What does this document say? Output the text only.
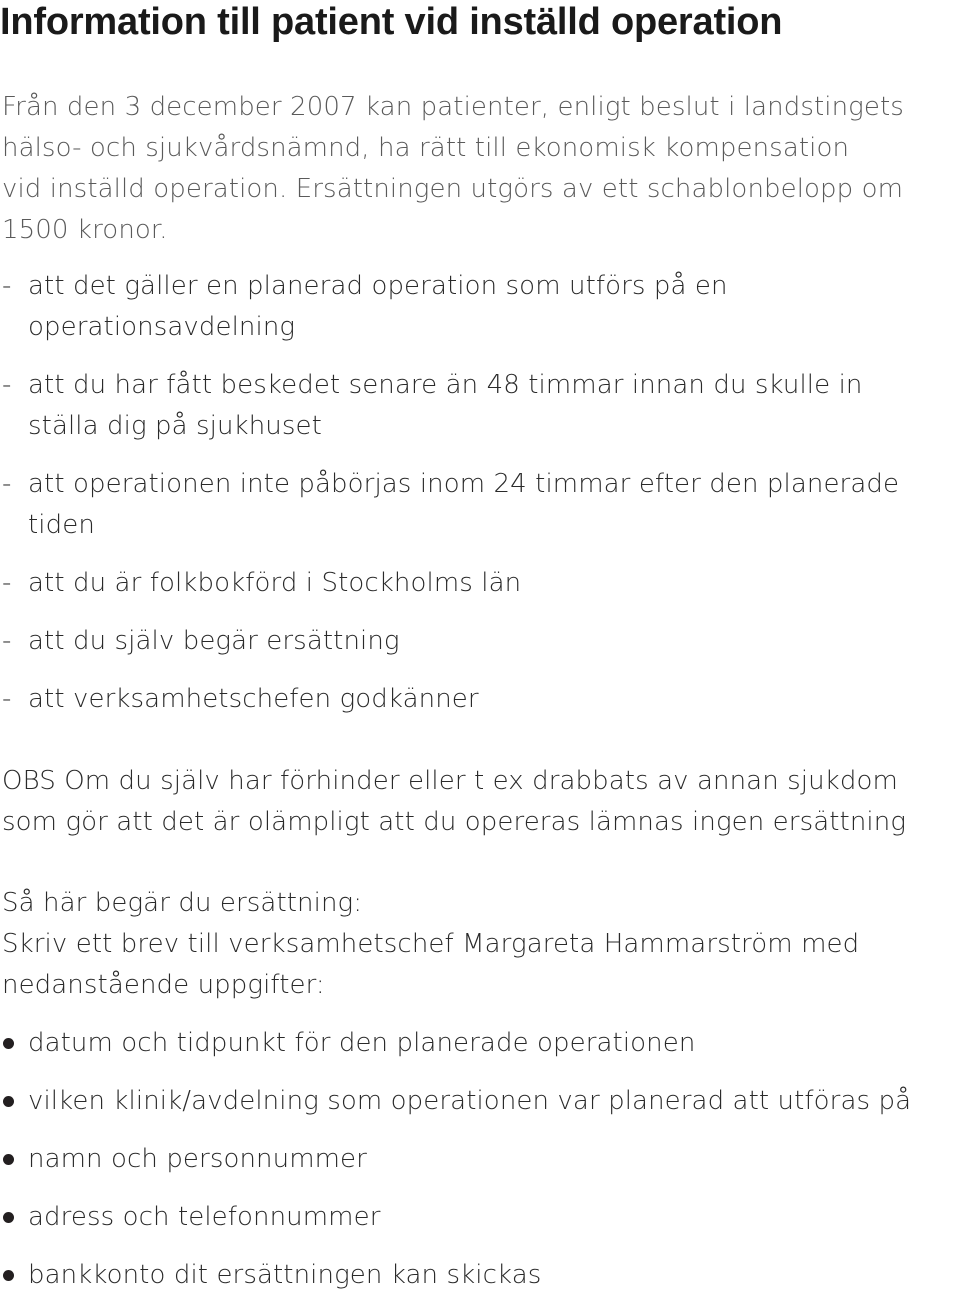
Information till patient vid inställd operation

Från den 3 december 2007 kan patienter, enligt beslut i landstingets
hälso- och sjukvårdsnämnd, ha rätt till ekonomisk kompensation
vid inställd operation. Ersättningen utgörs av ett schablonbelopp om
1500 kronor.

- att det gäller en planerad operation som utförs på en
operationsavdelning
- att du har fått beskedet senare än 48 timmar innan du skulle in
ställa dig på sjukhuset
- att operationen inte påbörjas inom 24 timmar efter den planerade
tiden
- att du är folkbokförd i Stockholms län
- att du själv begär ersättning
- att verksamhetschefen godkänner

OBS Om du själv har förhinder eller t ex drabbats av annan sjukdom
som gör att det är olämpligt att du opereras lämnas ingen ersättning

Så här begär du ersättning:
Skriv ett brev till verksamhetschef Margareta Hammarström med
nedanstående uppgifter:

datum och tidpunkt för den planerade operationen
vilken klinik/avdelning som operationen var planerad att utföras på
namn och personnummer
adress och telefonnummer
bankkonto dit ersättningen kan skickas
